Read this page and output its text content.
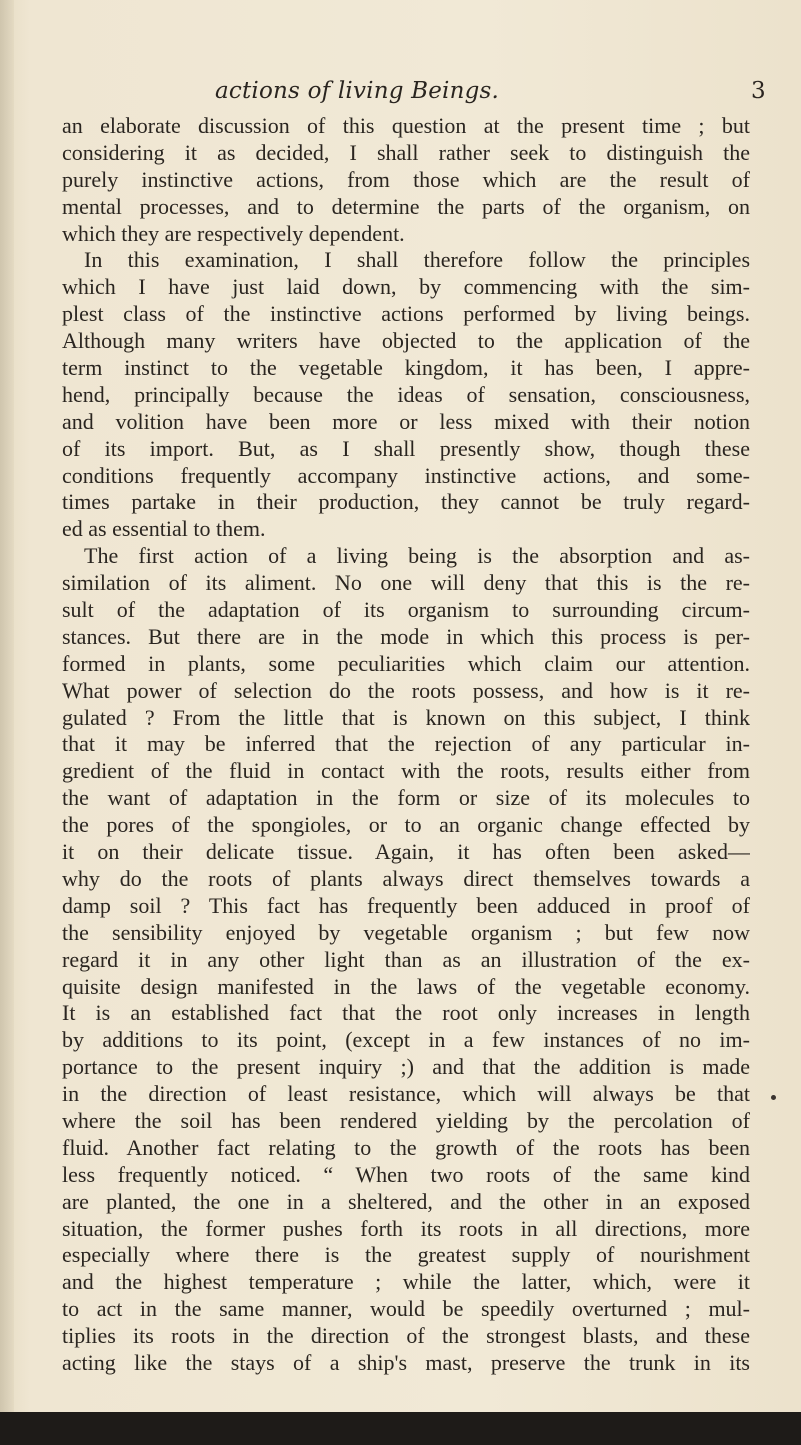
actions of living Beings.	3
an elaborate discussion of this question at the present time ; but
considering it as decided, I shall rather seek to distinguish the
purely instinctive actions, from those which are the result of
mental processes, and to determine the parts of the organism, on
which they are respectively dependent.
In this examination, I shall therefore follow the principles
which I have just laid down, by commencing with the sim-
plest class of the instinctive actions performed by living beings.
Although many writers have objected to the application of the
term instinct to the vegetable kingdom, it has been, I appre-
hend, principally because the ideas of sensation, consciousness,
and volition have been more or less mixed with their notion
of its import. But, as I shall presently show, though these
conditions frequently accompany instinctive actions, and some-
times partake in their production, they cannot be truly regard-
ed as essential to them.
The first action of a living being is the absorption and as-
similation of its aliment. No one will deny that this is the re-
sult of the adaptation of its organism to surrounding circum-
stances. But there are in the mode in which this process is per-
formed in plants, some peculiarities which claim our attention.
What power of selection do the roots possess, and how is it re-
gulated ? From the little that is known on this subject, I think
that it may be inferred that the rejection of any particular in-
gredient of the fluid in contact with the roots, results either from
the want of adaptation in the form or size of its molecules to
the pores of the spongioles, or to an organic change effected by
it on their delicate tissue. Again, it has often been asked—
why do the roots of plants always direct themselves towards a
damp soil ? This fact has frequently been adduced in proof of
the sensibility enjoyed by vegetable organism ; but few now
regard it in any other light than as an illustration of the ex-
quisite design manifested in the laws of the vegetable economy.
It is an established fact that the root only increases in length
by additions to its point, (except in a few instances of no im-
portance to the present inquiry ;) and that the addition is made
in the direction of least resistance, which will always be that
where the soil has been rendered yielding by the percolation of
fluid. Another fact relating to the growth of the roots has been
less frequently noticed. “ When two roots of the same kind
are planted, the one in a sheltered, and the other in an exposed
situation, the former pushes forth its roots in all directions, more
especially where there is the greatest supply of nourishment
and the highest temperature ; while the latter, which, were it
to act in the same manner, would be speedily overturned ; mul-
tiplies its roots in the direction of the strongest blasts, and these
acting like the stays of a ship's mast, preserve the trunk in its
